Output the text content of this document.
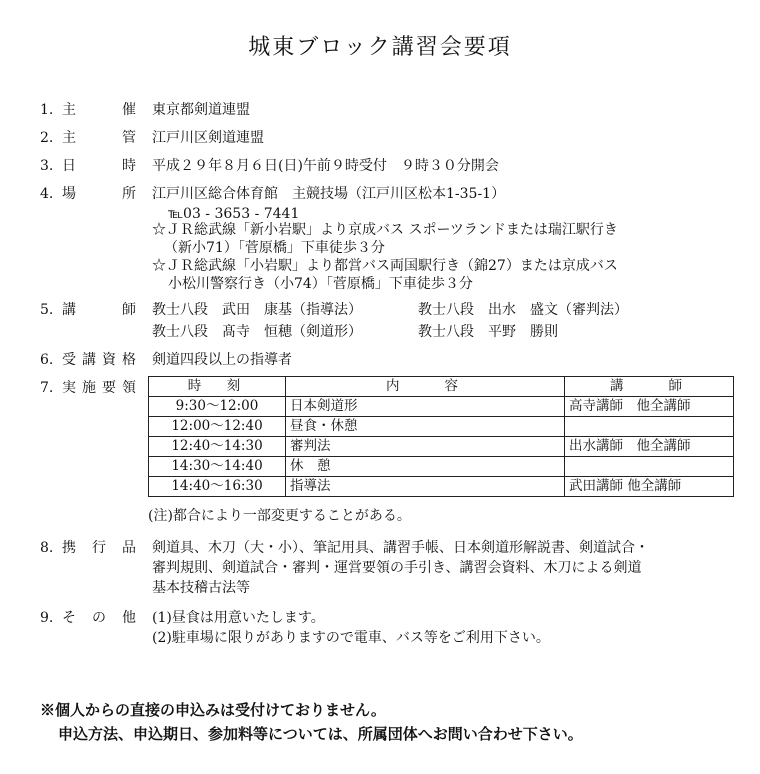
城東ブロック講習会要項
1. 主　催 東京都剣道連盟
2. 主　管 江戸川区剣道連盟
3. 日　時 平成２９年８月６日(日)午前９時受付　９時３０分開会
4. 場　所 江戸川区総合体育館　主競技場（江戸川区松本1-35-1）
℡03 - 3653 - 7441
☆ＪＲ総武線「新小岩駅」より京成バス スポーツランドまたは瑞江駅行き
（新小71）「菅原橋」下車徒歩３分
☆ＪＲ総武線「小岩駅」より都営バス両国駅行き（錦27）または京成バス
小松川警察行き（小74）「菅原橋」下車徒歩３分
5. 講　師 教士八段　武田　康基（指導法）	教士八段　出水　盛文（審判法）
教士八段　髙寺　恒穂（剣道形）	教士八段　平野　勝則
6. 受講資格 剣道四段以上の指導者
7. 実施要領	時　刻	内　　容	講　　師
9:30〜12:00	日本剣道形	高寺講師　他全講師
12:00〜12:40	昼食・休憩	
12:40〜14:30	審判法	出水講師　他全講師
14:30〜14:40	休　憩	
14:40〜16:30	指導法	武田講師 他全講師
(注)都合により一部変更することがある。
8. 携 行 品 剣道具、木刀（大・小）、筆記用具、講習手帳、日本剣道形解説書、剣道試合・
審判規則、剣道試合・審判・運営要領の手引き、講習会資料、木刀による剣道
基本技稽古法等
9. そ の 他 (1)昼食は用意いたします。
(2)駐車場に限りがありますので電車、バス等をご利用下さい。
※個人からの直接の申込みは受付けておりません。
申込方法、申込期日、参加料等については、所属団体へお問い合わせ下さい。
